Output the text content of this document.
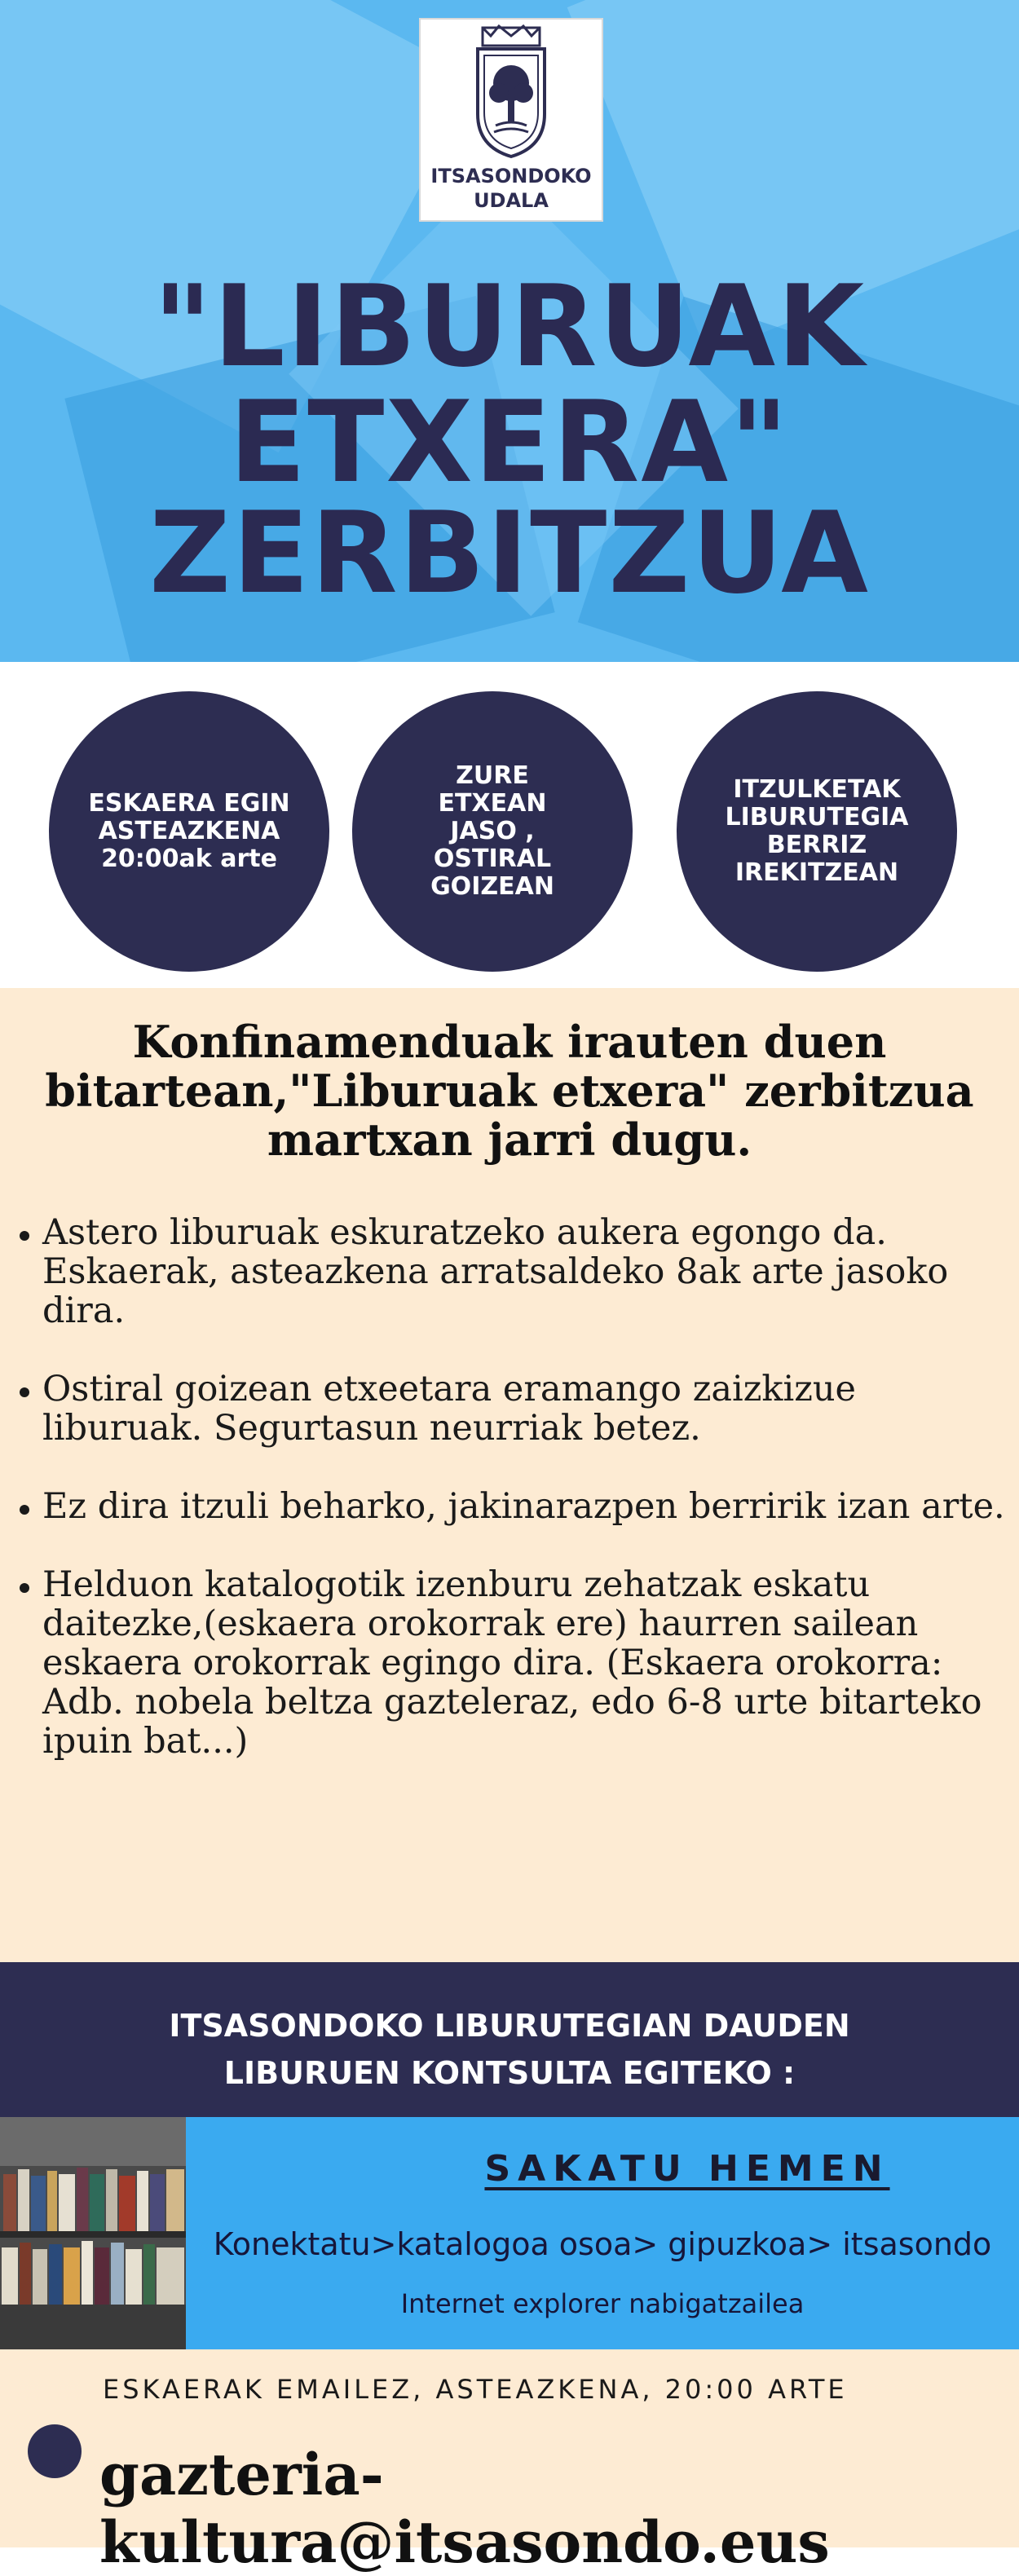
ITSASONDOKO
UDALA
"LIBURUAK
ETXERA"
ZERBITZUA
ESKAERA EGIN
ASTEAZKENA
20:00ak arte
ZURE
ETXEAN
JASO ,
OSTIRAL
GOIZEAN
ITZULKETAK
LIBURUTEGIA
BERRIZ
IREKITZEAN
Konfinamenduak irauten duen
bitartean,"Liburuak etxera" zerbitzua
martxan jarri dugu.
Astero liburuak eskuratzeko aukera egongo da. Eskaerak, asteazkena arratsaldeko 8ak arte jasoko dira.
Ostiral goizean etxeetara eramango zaizkizue liburuak. Segurtasun neurriak betez.
Ez dira itzuli beharko, jakinarazpen berririk izan arte.
Helduon katalogotik izenburu zehatzak eskatu daitezke,(eskaera orokorrak ere) haurren sailean eskaera orokorrak egingo dira. (Eskaera orokorra: Adb. nobela beltza gazteleraz, edo 6-8 urte bitarteko ipuin bat...)
ITSASONDOKO LIBURUTEGIAN DAUDEN
LIBURUEN KONTSULTA EGITEKO :
SAKATU HEMEN
Konektatu>katalogoa osoa> gipuzkoa> itsasondo
Internet explorer nabigatzailea
ESKAERAK EMAILEZ, ASTEAZKENA, 20:00 ARTE
gazteria-kultura@itsasondo.eus
